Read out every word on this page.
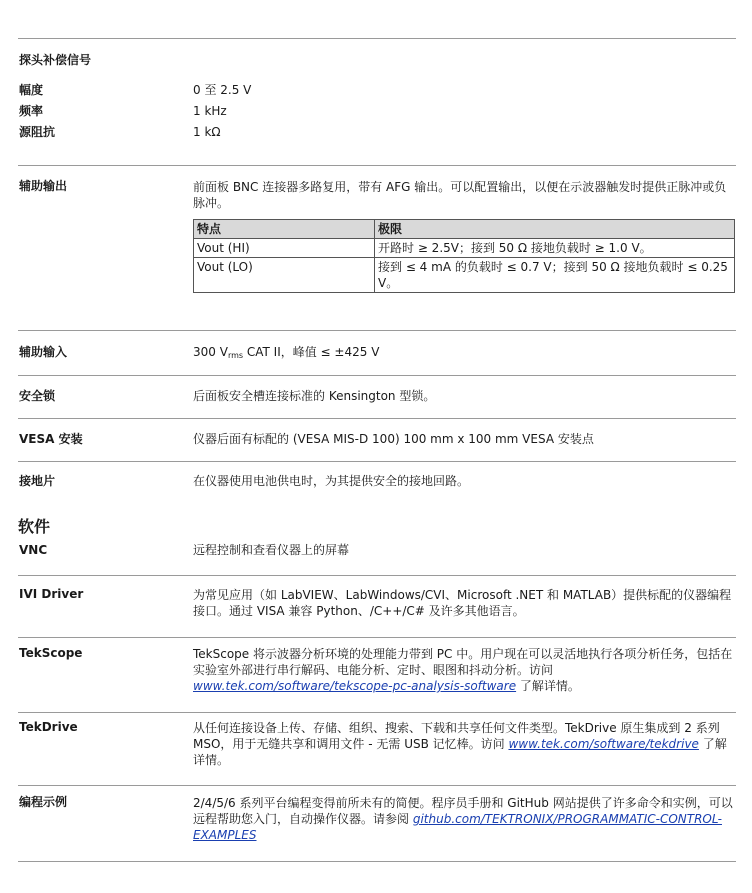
探头补偿信号
幅度	0 至 2.5 V
频率	1 kHz
源阻抗	1 kΩ
辅助输出	前面板 BNC 连接器多路复用，带有 AFG 输出。可以配置输出，以便在示波器触发时提供正脉冲或负脉冲。
特点	极限
Vout (HI)	开路时 ≥ 2.5V；接到 50 Ω 接地负载时 ≥ 1.0 V。
Vout (LO)	接到 ≤ 4 mA 的负载时 ≤ 0.7 V；接到 50 Ω 接地负载时 ≤ 0.25 V。
辅助输入	300 $V_{rms}$ CAT II，峰值 ≤ ±425 V
安全锁	后面板安全槽连接标准的 Kensington 型锁。
VESA 安装	仪器后面有标配的 (VESA MIS-D 100) 100 mm x 100 mm VESA 安装点
接地片	在仪器使用电池供电时，为其提供安全的接地回路。
软件
VNC	远程控制和查看仪器上的屏幕
IVI Driver	为常见应用（如 LabVIEW、LabWindows/CVI、Microsoft .NET 和 MATLAB）提供标配的仪器编程接口。通过 VISA 兼容 Python、/C++/C# 及许多其他语言。
TekScope	TekScope 将示波器分析环境的处理能力带到 PC 中。用户现在可以灵活地执行各项分析任务，包括在实验室外部进行串行解码、电能分析、定时、眼图和抖动分析。访问 www.tek.com/software/tekscope-pc-analysis-software 了解详情。
TekDrive	从任何连接设备上传、存储、组织、搜索、下载和共享任何文件类型。TekDrive 原生集成到 2 系列 MSO，用于无缝共享和调用文件 - 无需 USB 记忆棒。访问 www.tek.com/software/tekdrive 了解详情。
编程示例	2/4/5/6 系列平台编程变得前所未有的简便。程序员手册和 GitHub 网站提供了许多命令和实例，可以远程帮助您入门，自动操作仪器。请参阅 github.com/TEKTRONIX/PROGRAMMATIC-CONTROL-EXAMPLES
